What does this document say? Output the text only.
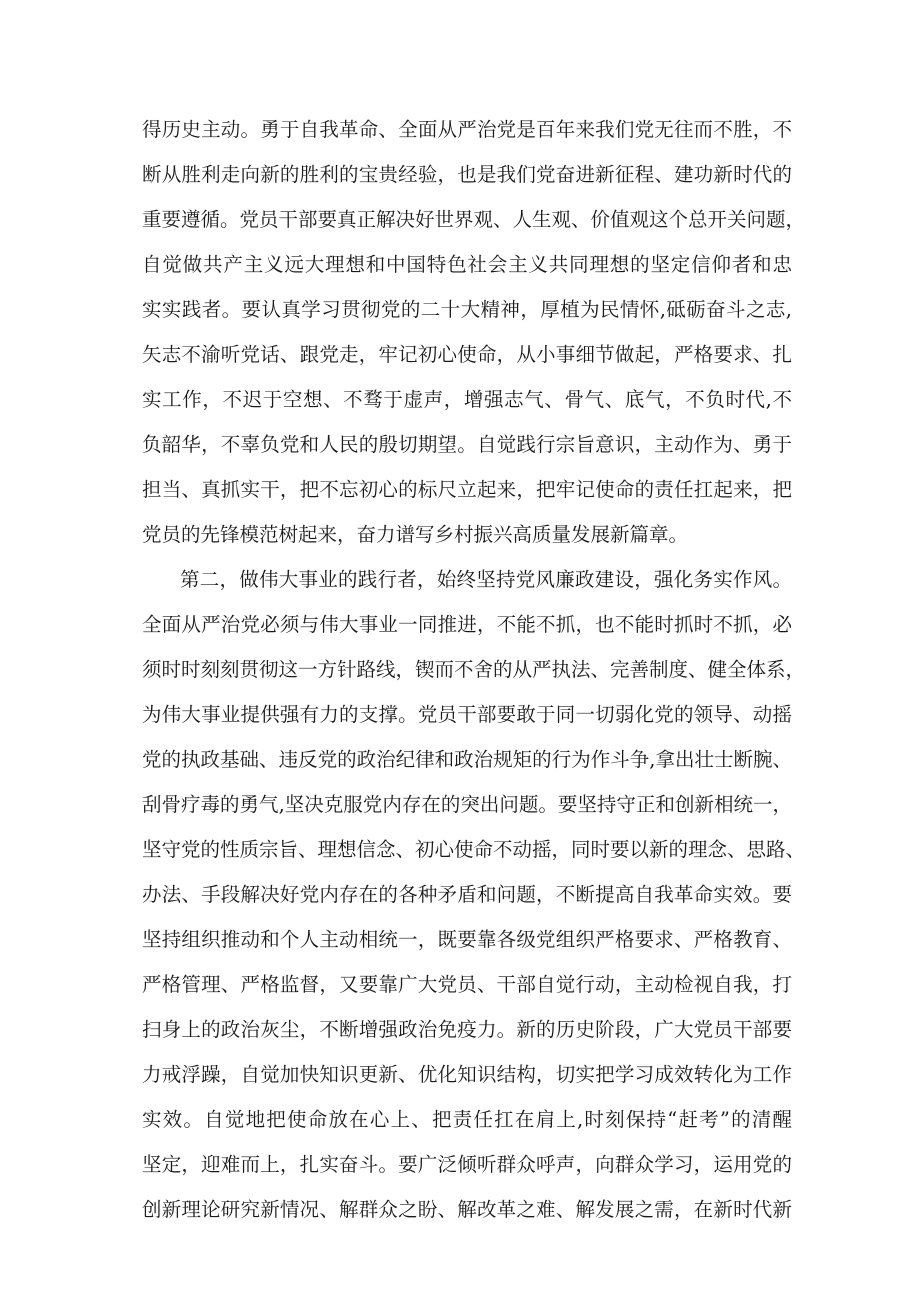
得历史主动。勇于自我革命、全面从严治党是百年来我们党无往而不胜，不
断从胜利走向新的胜利的宝贵经验，也是我们党奋进新征程、建功新时代的
重要遵循。党员干部要真正解决好世界观、人生观、价值观这个总开关问题，
自觉做共产主义远大理想和中国特色社会主义共同理想的坚定信仰者和忠
实实践者。要认真学习贯彻党的二十大精神，厚植为民情怀,砥砺奋斗之志,
矢志不渝听党话、跟党走，牢记初心使命，从小事细节做起，严格要求、扎
实工作，不迟于空想、不骛于虚声，增强志气、骨气、底气，不负时代,不
负韶华，不辜负党和人民的殷切期望。自觉践行宗旨意识，主动作为、勇于
担当、真抓实干，把不忘初心的标尺立起来，把牢记使命的责任扛起来，把
党员的先锋模范树起来，奋力谱写乡村振兴高质量发展新篇章。
第二，做伟大事业的践行者，始终坚持党风廉政建设，强化务实作风。
全面从严治党必须与伟大事业一同推进，不能不抓，也不能时抓时不抓，必
须时时刻刻贯彻这一方针路线，锲而不舍的从严执法、完善制度、健全体系，
为伟大事业提供强有力的支撑。党员干部要敢于同一切弱化党的领导、动摇
党的执政基础、违反党的政治纪律和政治规矩的行为作斗争,拿出壮士断腕、
刮骨疗毒的勇气,坚决克服党内存在的突出问题。要坚持守正和创新相统一，
坚守党的性质宗旨、理想信念、初心使命不动摇，同时要以新的理念、思路、
办法、手段解决好党内存在的各种矛盾和问题，不断提高自我革命实效。要
坚持组织推动和个人主动相统一，既要靠各级党组织严格要求、严格教育、
严格管理、严格监督，又要靠广大党员、干部自觉行动，主动检视自我，打
扫身上的政治灰尘，不断增强政治免疫力。新的历史阶段，广大党员干部要
力戒浮躁，自觉加快知识更新、优化知识结构，切实把学习成效转化为工作
实效。自觉地把使命放在心上、把责任扛在肩上,时刻保持“赶考”的清醒
坚定，迎难而上，扎实奋斗。要广泛倾听群众呼声，向群众学习，运用党的
创新理论研究新情况、解群众之盼、解改革之难、解发展之需，在新时代新
